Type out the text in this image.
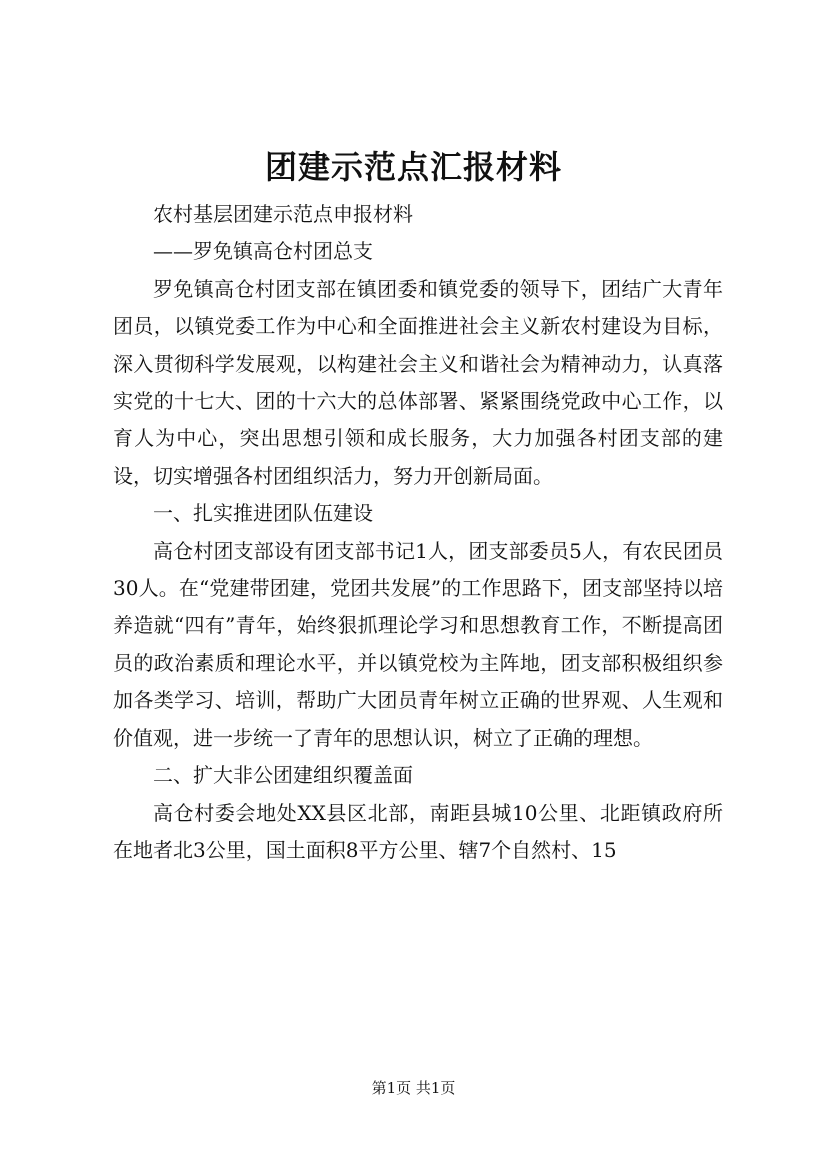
团建示范点汇报材料

农村基层团建示范点申报材料

——罗免镇高仓村团总支

罗免镇高仓村团支部在镇团委和镇党委的领导下，团结广大青年团员，以镇党委工作为中心和全面推进社会主义新农村建设为目标，深入贯彻科学发展观，以构建社会主义和谐社会为精神动力，认真落实党的十七大、团的十六大的总体部署、紧紧围绕党政中心工作，以育人为中心，突出思想引领和成长服务，大力加强各村团支部的建设，切实增强各村团组织活力，努力开创新局面。

一、扎实推进团队伍建设

高仓村团支部设有团支部书记1人，团支部委员5人，有农民团员30人。在“党建带团建，党团共发展”的工作思路下，团支部坚持以培养造就“四有”青年，始终狠抓理论学习和思想教育工作，不断提高团员的政治素质和理论水平，并以镇党校为主阵地，团支部积极组织参加各类学习、培训，帮助广大团员青年树立正确的世界观、人生观和价值观，进一步统一了青年的思想认识，树立了正确的理想。

二、扩大非公团建组织覆盖面

高仓村委会地处XX县区北部，南距县城10公里、北距镇政府所在地者北3公里，国土面积8平方公里、辖7个自然村、15

第1页 共1页
